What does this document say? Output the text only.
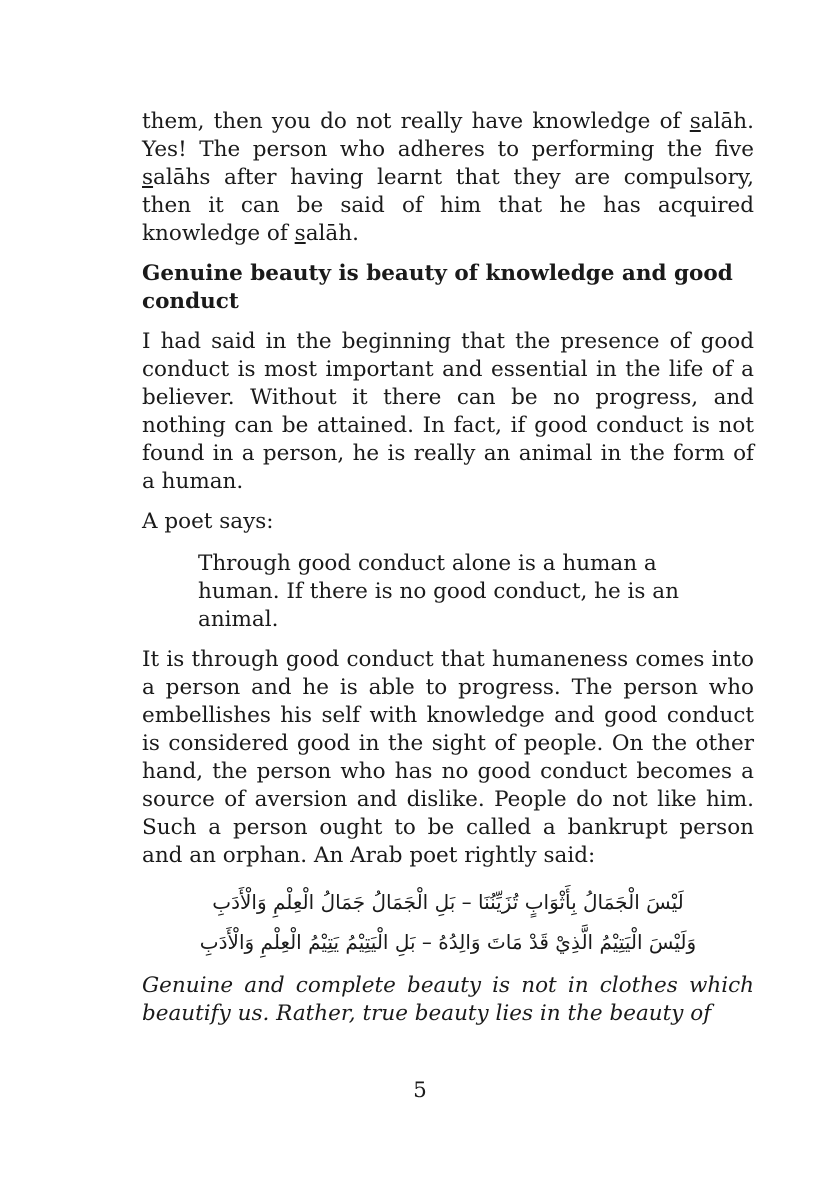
them, then you do not really have knowledge of salāh. Yes! The person who adheres to performing the five salāhs after having learnt that they are compulsory, then it can be said of him that he has acquired knowledge of salāh.

Genuine beauty is beauty of knowledge and good conduct

I had said in the beginning that the presence of good conduct is most important and essential in the life of a believer. Without it there can be no progress, and nothing can be attained. In fact, if good conduct is not found in a person, he is really an animal in the form of a human.

A poet says:

Through good conduct alone is a human a human. If there is no good conduct, he is an animal.

It is through good conduct that humaneness comes into a person and he is able to progress. The person who embellishes his self with knowledge and good conduct is considered good in the sight of people. On the other hand, the person who has no good conduct becomes a source of aversion and dislike. People do not like him. Such a person ought to be called a bankrupt person and an orphan. An Arab poet rightly said:

لَيْسَ الْجَمَالُ بِأَثْوَابٍ تُزَيِّنُنَا – بَلِ الْجَمَالُ جَمَالُ الْعِلْمِ وَالْأَدَبِ
وَلَيْسَ الْيَتِيْمُ الَّذِيْ قَدْ مَاتَ وَالِدُهُ – بَلِ الْيَتِيْمُ يَتِيْمُ الْعِلْمِ وَالْأَدَبِ

Genuine and complete beauty is not in clothes which beautify us. Rather, true beauty lies in the beauty of

5
